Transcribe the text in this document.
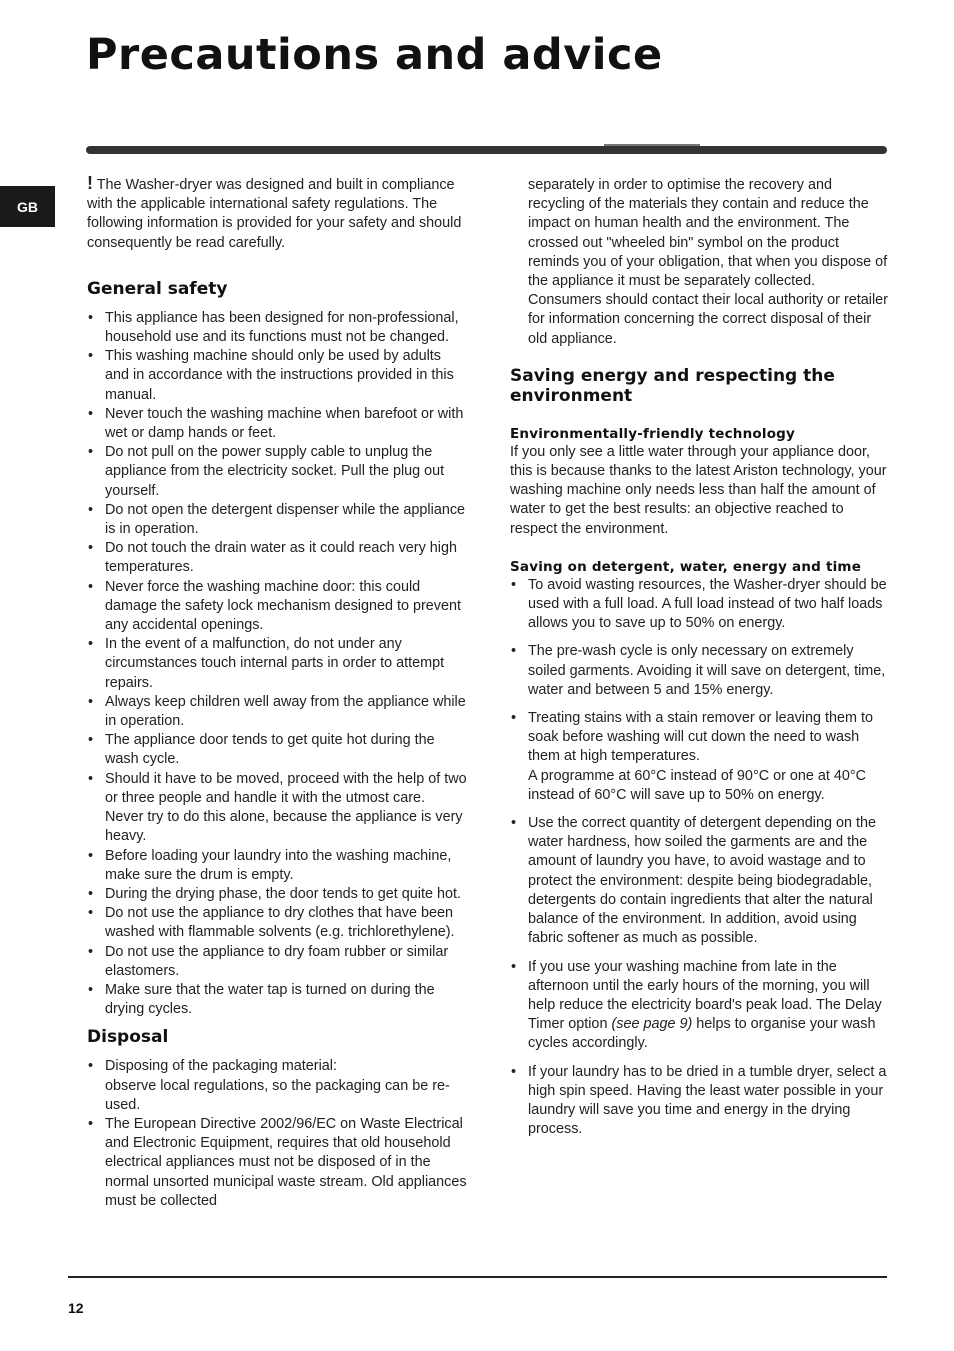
Precautions and advice
GB

! The Washer-dryer was designed and built in compliance with the applicable international safety regulations. The following information is provided for your safety and should consequently be read carefully.

General safety
• This appliance has been designed for non-professional, household use and its functions must not be changed.
• This washing machine should only be used by adults and in accordance with the instructions provided in this manual.
• Never touch the washing machine when barefoot or with wet or damp hands or feet.
• Do not pull on the power supply cable to unplug the appliance from the electricity socket. Pull the plug out yourself.
• Do not open the detergent dispenser while the appliance is in operation.
• Do not touch the drain water as it could reach very high temperatures.
• Never force the washing machine door: this could damage the safety lock mechanism designed to prevent any accidental openings.
• In the event of a malfunction, do not under any circumstances touch internal parts in order to attempt repairs.
• Always keep children well away from the appliance while in operation.
• The appliance door tends to get quite hot during the wash cycle.
• Should it have to be moved, proceed with the help of two or three people and handle it with the utmost care. Never try to do this alone, because the appliance is very heavy.
• Before loading your laundry into the washing machine, make sure the drum is empty.
• During the drying phase, the door tends to get quite hot.
• Do not use the appliance to dry clothes that have been washed with flammable solvents (e.g. trichlorethylene).
• Do not use the appliance to dry foam rubber or similar elastomers.
• Make sure that the water tap is turned on during the drying cycles.
Disposal
• Disposing of the packaging material:
observe local regulations, so the packaging can be re-used.
• The European Directive 2002/96/EC on Waste Electrical and Electronic Equipment, requires that old household electrical appliances must not be disposed of in the normal unsorted municipal waste stream. Old appliances must be collected

separately in order to optimise the recovery and recycling of the materials they contain and reduce the impact on human health and the environment. The crossed out "wheeled bin" symbol on the product reminds you of your obligation, that when you dispose of the appliance it must be separately collected.

Consumers should contact their local authority or retailer for information concerning the correct disposal of their old appliance.

Saving energy and respecting the environment
Environmentally-friendly technology

If you only see a little water through your appliance door, this is because thanks to the latest Ariston technology, your washing machine only needs less than half the amount of water to get the best results: an objective reached to respect the environment.

Saving on detergent, water, energy and time
• To avoid wasting resources, the Washer-dryer should be used with a full load. A full load instead of two half loads allows you to save up to 50% on energy.
• The pre-wash cycle is only necessary on extremely soiled garments. Avoiding it will save on detergent, time, water and between 5 and 15% energy.
• Treating stains with a stain remover or leaving them to soak before washing will cut down the need to wash them at high temperatures.
A programme at 60°C instead of 90°C or one at 40°C instead of 60°C will save up to 50% on energy.
• Use the correct quantity of detergent depending on the water hardness, how soiled the garments are and the amount of laundry you have, to avoid wastage and to protect the environment: despite being biodegradable, detergents do contain ingredients that alter the natural balance of the environment. In addition, avoid using fabric softener as much as possible.
• If you use your washing machine from late in the afternoon until the early hours of the morning, you will help reduce the electricity board's peak load. The Delay Timer option (see page 9) helps to organise your wash cycles accordingly.
• If your laundry has to be dried in a tumble dryer, select a high spin speed. Having the least water possible in your laundry will save you time and energy in the drying process.
12
